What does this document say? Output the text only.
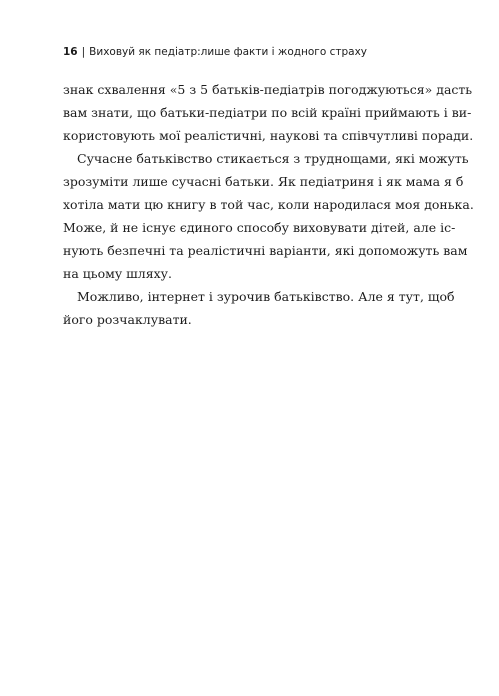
16 | Виховуй як педіатр:лише факти і жодного страху

знак схвалення «5 з 5 батьків-педіатрів погоджуються» дасть
вам знати, що батьки-педіатри по всій країні приймають і ви-
користовують мої реалістичні, наукові та співчутливі поради.

Сучасне батьківство стикається з труднощами, які можуть
зрозуміти лише сучасні батьки. Як педіатриня і як мама я б
хотіла мати цю книгу в той час, коли народилася моя донька.
Може, й не існує єдиного способу виховувати дітей, але іс-
нують безпечні та реалістичні варіанти, які допоможуть вам
на цьому шляху.

Можливо, інтернет і зурочив батьківство. Але я тут, щоб
його розчаклувати.
